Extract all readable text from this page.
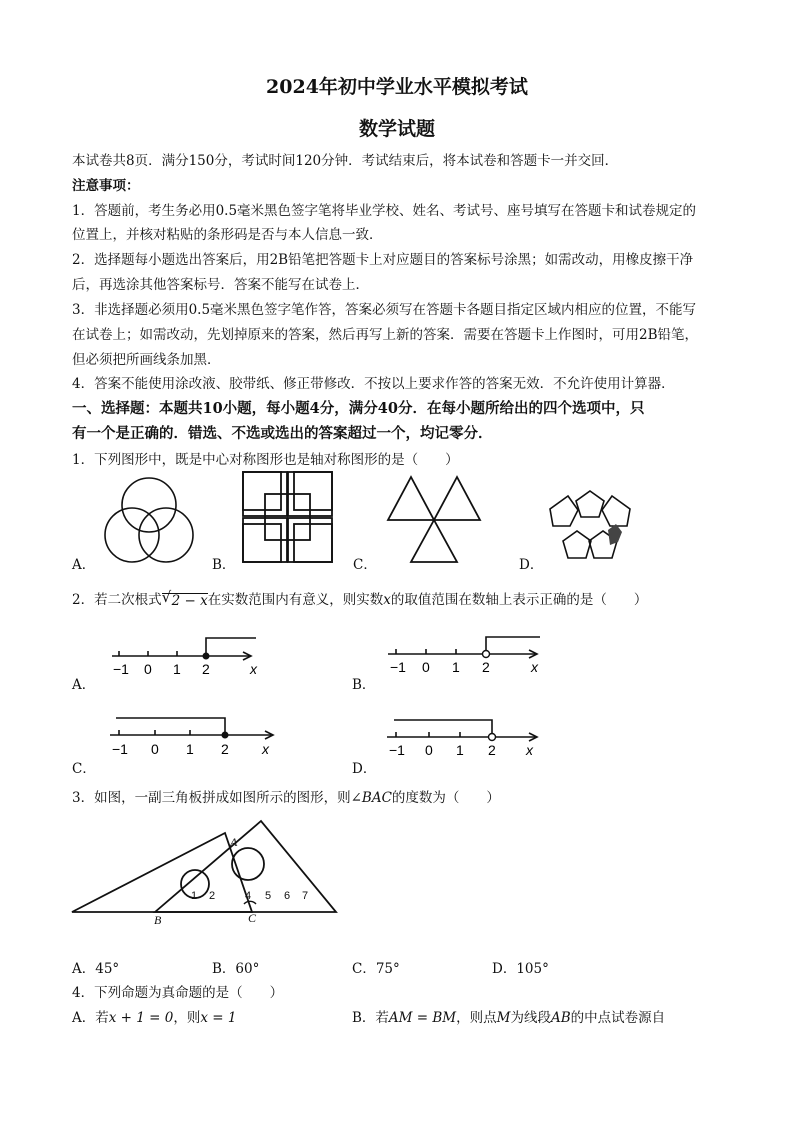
2024年初中学业水平模拟考试
数学试题
本试卷共8页．满分150分，考试时间120分钟．考试结束后，将本试卷和答题卡一并交回．
注意事项：
1．答题前，考生务必用0.5毫米黑色签字笔将毕业学校、姓名、考试号、座号填写在答题卡和试卷规定的
位置上，并核对粘贴的条形码是否与本人信息一致．
2．选择题每小题选出答案后，用2B铅笔把答题卡上对应题目的答案标号涂黑；如需改动，用橡皮擦干净
后，再选涂其他答案标号．答案不能写在试卷上．
3．非选择题必须用0.5毫米黑色签字笔作答，答案必须写在答题卡各题目指定区域内相应的位置，不能写
在试卷上；如需改动，先划掉原来的答案，然后再写上新的答案．需要在答题卡上作图时，可用2B铅笔，
但必须把所画线条加黑．
4．答案不能使用涂改液、胶带纸、修正带修改．不按以上要求作答的答案无效．不允许使用计算器．
一、选择题：本题共10小题，每小题4分，满分40分．在每小题所给出的四个选项中，只
有一个是正确的．错选、不选或选出的答案超过一个，均记零分．
1．下列图形中，既是中心对称图形也是轴对称图形的是（　　）
A．	B．	C．	D．
2．若二次根式 √ 2 − x在实数范围内有意义，则实数x的取值范围在数轴上表示正确的是（　　）
−1 0 1 2	x
A．
−1 0 1 2	x
B．
−1 0 1 2 x
C．
−1 0 1 2 x
D．
3．如图，一副三角板拼成如图所示的图形，则∠BAC的度数为（　　）
A
B	C
1 2	4 5 6 7
A．45°	B．60°	C．75°	D．105°
4．下列命题为真命题的是（　　）
A．若x + 1 = 0，则x = 1	B．若AM = BM，则点M为线段AB的中点试卷源自
